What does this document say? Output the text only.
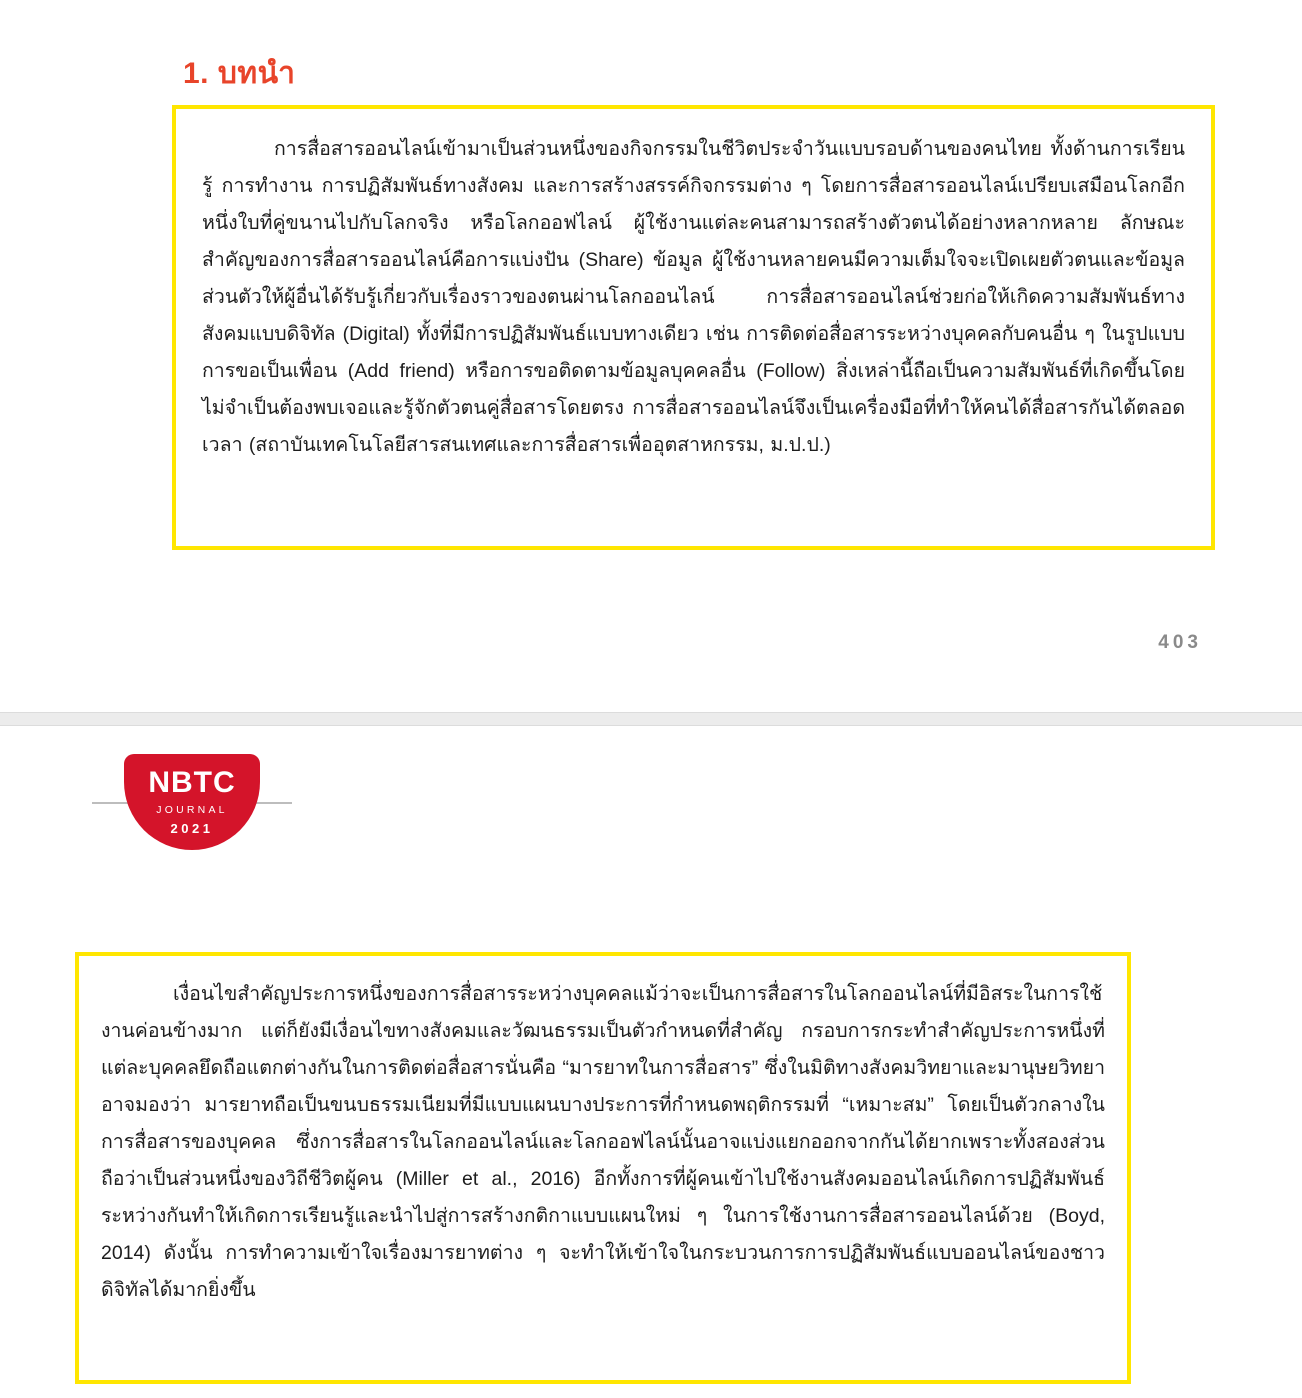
1. บทนำ

การสื่อสารออนไลน์เข้ามาเป็นส่วนหนึ่งของกิจกรรมในชีวิตประจำวันแบบรอบด้านของคนไทย ทั้งด้านการเรียนรู้ การทำงาน การปฏิสัมพันธ์ทางสังคม และการสร้างสรรค์กิจกรรมต่าง ๆ โดยการสื่อสารออนไลน์เปรียบเสมือนโลกอีกหนึ่งใบที่คู่ขนานไปกับโลกจริง หรือโลกออฟไลน์ ผู้ใช้งานแต่ละคนสามารถสร้างตัวตนได้อย่างหลากหลาย ลักษณะสำคัญของการสื่อสารออนไลน์คือการแบ่งปัน (Share) ข้อมูล ผู้ใช้งานหลายคนมีความเต็มใจจะเปิดเผยตัวตนและข้อมูลส่วนตัวให้ผู้อื่นได้รับรู้เกี่ยวกับเรื่องราวของตนผ่านโลกออนไลน์ การสื่อสารออนไลน์ช่วยก่อให้เกิดความสัมพันธ์ทางสังคมแบบดิจิทัล (Digital) ทั้งที่มีการปฏิสัมพันธ์แบบทางเดียว เช่น การติดต่อสื่อสารระหว่างบุคคลกับคนอื่น ๆ ในรูปแบบการขอเป็นเพื่อน (Add friend) หรือการขอติดตามข้อมูลบุคคลอื่น (Follow) สิ่งเหล่านี้ถือเป็นความสัมพันธ์ที่เกิดขึ้นโดยไม่จำเป็นต้องพบเจอและรู้จักตัวตนคู่สื่อสารโดยตรง การสื่อสารออนไลน์จึงเป็นเครื่องมือที่ทำให้คนได้สื่อสารกันได้ตลอดเวลา (สถาบันเทคโนโลยีสารสนเทศและการสื่อสารเพื่ออุตสาหกรรม, ม.ป.ป.)

403
NBTC
JOURNAL
2021

เงื่อนไขสำคัญประการหนึ่งของการสื่อสารระหว่างบุคคลแม้ว่าจะเป็นการสื่อสารในโลกออนไลน์ที่มีอิสระในการใช้งานค่อนข้างมาก แต่ก็ยังมีเงื่อนไขทางสังคมและวัฒนธรรมเป็นตัวกำหนดที่สำคัญ กรอบการกระทำสำคัญประการหนึ่งที่แต่ละบุคคลยึดถือแตกต่างกันในการติดต่อสื่อสารนั่นคือ “มารยาทในการสื่อสาร” ซึ่งในมิติทางสังคมวิทยาและมานุษยวิทยาอาจมองว่า มารยาทถือเป็นขนบธรรมเนียมที่มีแบบแผนบางประการที่กำหนดพฤติกรรมที่ “เหมาะสม” โดยเป็นตัวกลางในการสื่อสารของบุคคล ซึ่งการสื่อสารในโลกออนไลน์และโลกออฟไลน์นั้นอาจแบ่งแยกออกจากกันได้ยากเพราะทั้งสองส่วนถือว่าเป็นส่วนหนึ่งของวิถีชีวิตผู้คน (Miller et al., 2016) อีกทั้งการที่ผู้คนเข้าไปใช้งานสังคมออนไลน์เกิดการปฏิสัมพันธ์ระหว่างกันทำให้เกิดการเรียนรู้และนำไปสู่การสร้างกติกาแบบแผนใหม่ ๆ ในการใช้งานการสื่อสารออนไลน์ด้วย (Boyd, 2014) ดังนั้น การทำความเข้าใจเรื่องมารยาทต่าง ๆ จะทำให้เข้าใจในกระบวนการการปฏิสัมพันธ์แบบออนไลน์ของชาวดิจิทัลได้มากยิ่งขึ้น
